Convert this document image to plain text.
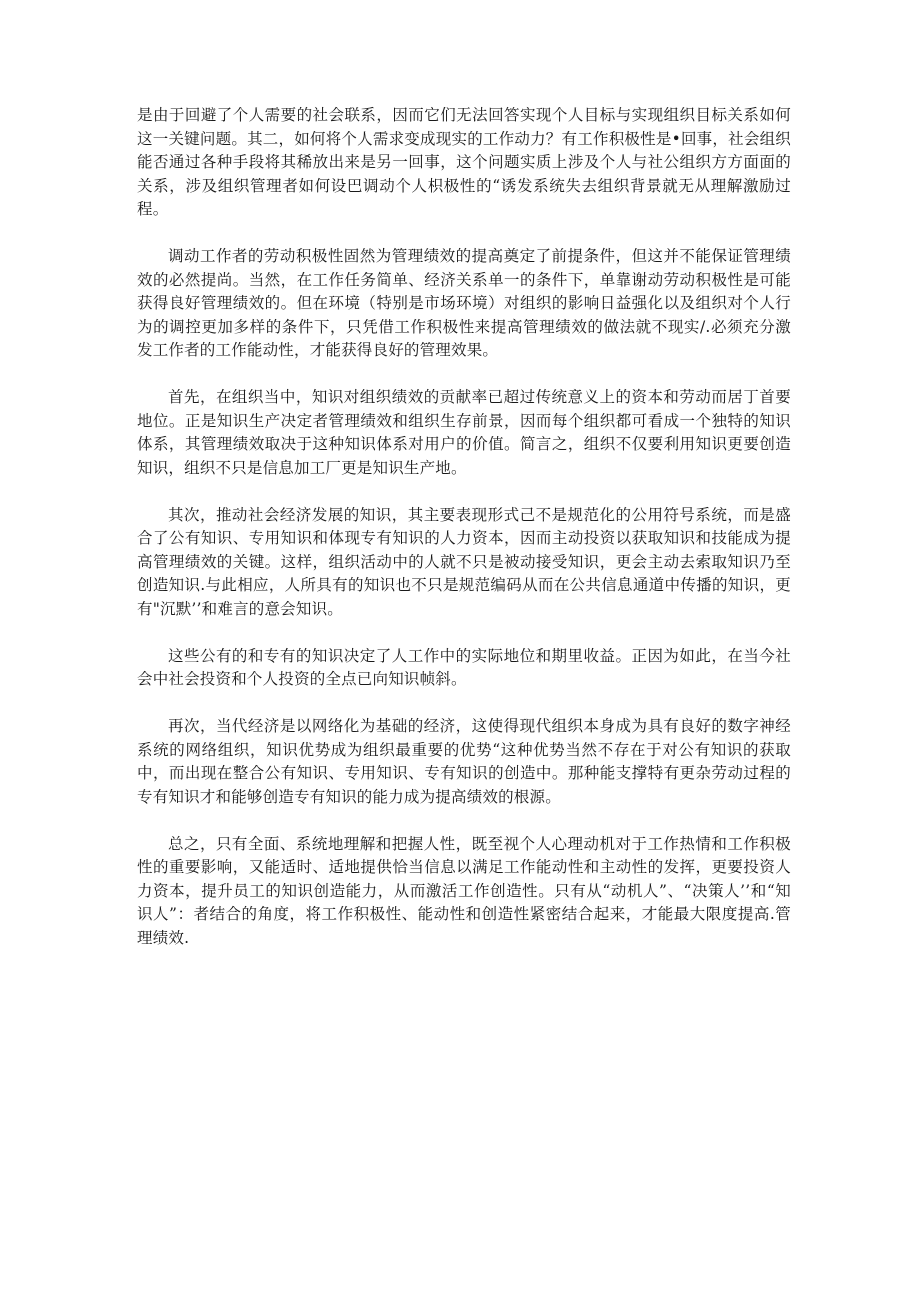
是由于回避了个人需要的社会联系，因而它们无法回答实现个人目标与实现组织目标关系如何这一关键问题。其二，如何将个人需求变成现实的工作动力？有工作积极性是•回事，社会组织能否通过各种手段将其稀放出来是另一回事，这个问题实质上涉及个人与社公组织方方面面的关系，涉及组织管理者如何设巴调动个人枳极性的“诱发系统失去组织背景就无从理解激励过程。

调动工作者的劳动积极性固然为管理绩效的提高奠定了前提条件，但这并不能保证管理绩效的必然提尚。当然，在工作任务简单、经济关系单一的条件下，单靠谢动劳动积极性是可能获得良好管理绩效的。但在环境（特别是市场环境）对组织的影响日益强化以及组织对个人行为的调控更加多样的条件下，只凭借工作积极性来提高管理绩效的做法就不现实/.必须充分激发工作者的工作能动性，才能获得良好的管理效果。

首先，在组织当中，知识对组织绩效的贡献率已超过传统意义上的资本和劳动而居丁首要地位。正是知识生产决定者管理绩效和组织生存前景，因而每个组织都可看成一个独特的知识体系，其管理绩效取决于这种知识体系对用户的价值。简言之，组织不仅要利用知识更要创造知识，组织不只是信息加工厂更是知识生产地。

其次，推动社会经济发展的知识，其主要表现形式己不是规范化的公用符号系统，而是盛合了公有知识、专用知识和体现专有知识的人力资本，因而主动投资以获取知识和技能成为提高管理绩效的关键。这样，组织活动中的人就不只是被动接受知识，更会主动去索取知识乃至创造知识.与此相应，人所具有的知识也不只是规范编码从而在公共信息通道中传播的知识，更有"沉默’’和难言的意会知识。

这些公有的和专有的知识决定了人工作中的实际地位和期里收益。正因为如此，在当今社会中社会投资和个人投资的全点已向知识帧斜。

再次，当代经济是以网络化为基础的经济，这使得现代组织本身成为具有良好的数字神经系统的网络组织，知识优势成为组织最重要的优势“这种优势当然不存在于对公有知识的获取中，而出现在整合公有知识、专用知识、专有知识的创造中。那种能支撑特有更杂劳动过程的专有知识才和能够创造专有知识的能力成为提高绩效的根源。

总之，只有全面、系统地理解和把握人性，既至视个人心理动机对于工作热情和工作积极性的重要影响，又能适时、适地提供恰当信息以满足工作能动性和主动性的发挥，更要投资人力资本，提升员工的知识创造能力，从而激活工作创造性。只有从“动机人”、“决策人’’和“知识人”：者结合的角度，将工作积极性、能动性和创造性紧密结合起来，才能最大限度提高.管理绩效.
